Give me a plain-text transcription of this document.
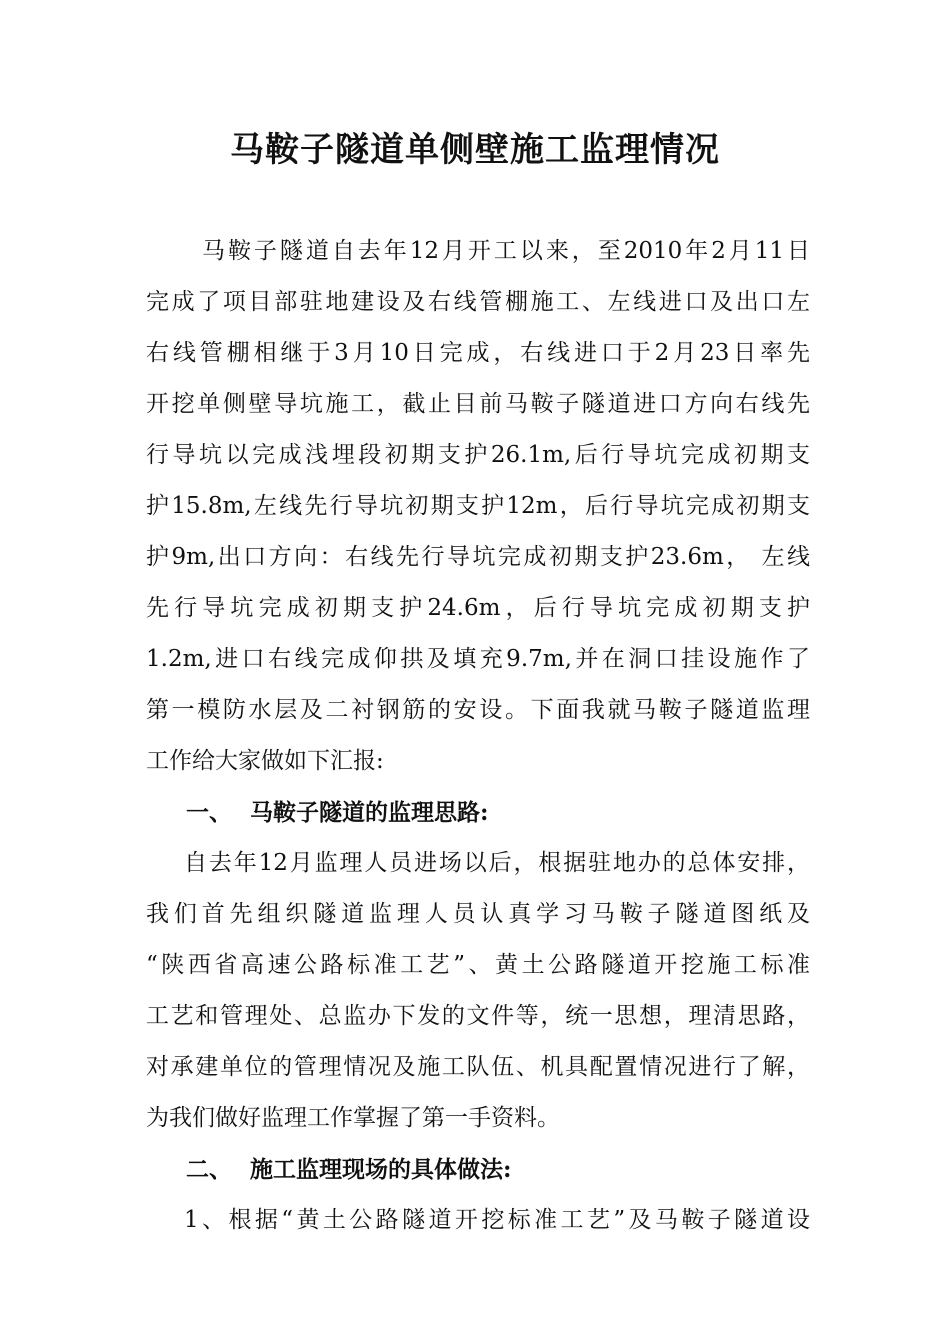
马鞍子隧道单侧壁施工监理情况
马鞍子隧道自去年12月开工以来，至2010年2月11日
完成了项目部驻地建设及右线管棚施工、左线进口及出口左
右线管棚相继于3月10日完成，右线进口于2月23日率先
开挖单侧壁导坑施工，截止目前马鞍子隧道进口方向右线先
行导坑以完成浅埋段初期支护26.1m,后行导坑完成初期支
护15.8m,左线先行导坑初期支护12m，后行导坑完成初期支
护9m,出口方向：右线先行导坑完成初期支护23.6m， 左线
先行导坑完成初期支护24.6m，后行导坑完成初期支护
1.2m,进口右线完成仰拱及填充9.7m,并在洞口挂设施作了
第一模防水层及二衬钢筋的安设。下面我就马鞍子隧道监理
工作给大家做如下汇报:
一、 马鞍子隧道的监理思路:
自去年12月监理人员进场以后，根据驻地办的总体安排，
我们首先组织隧道监理人员认真学习马鞍子隧道图纸及
“陕西省高速公路标准工艺”、黄土公路隧道开挖施工标准
工艺和管理处、总监办下发的文件等，统一思想，理清思路，
对承建单位的管理情况及施工队伍、机具配置情况进行了解，
为我们做好监理工作掌握了第一手资料。
二、 施工监理现场的具体做法:
1、根据“黄土公路隧道开挖标准工艺”及马鞍子隧道设
